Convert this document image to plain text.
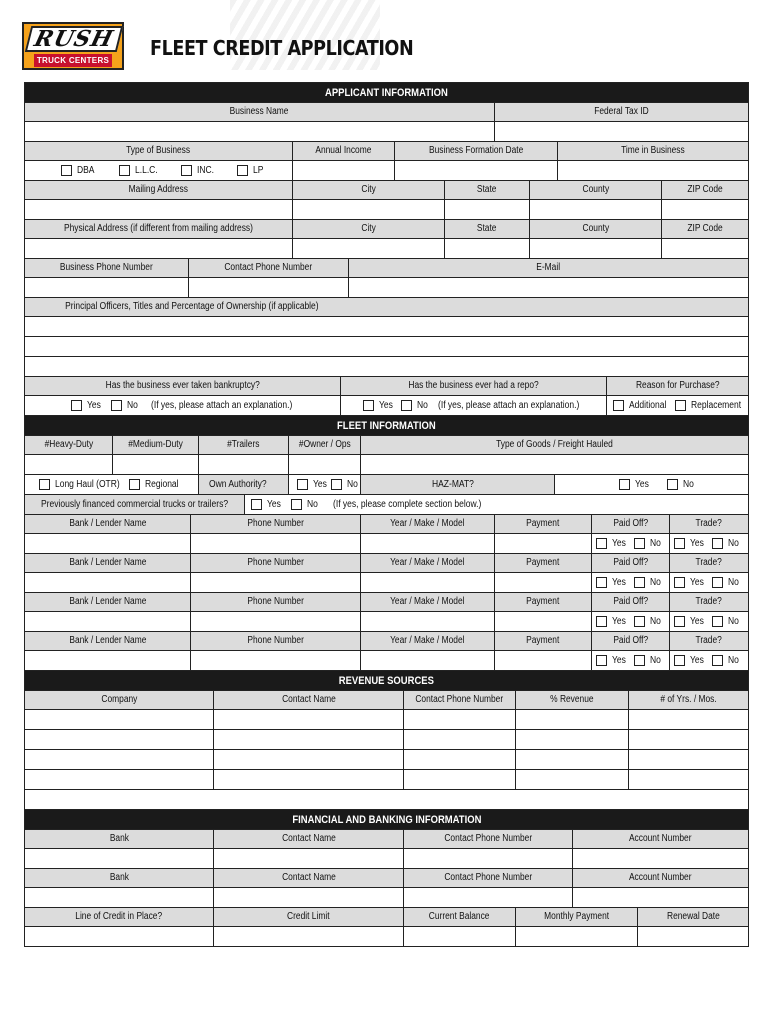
RUSH
TRUCK CENTERS
FLEET CREDIT APPLICATION
APPLICANT INFORMATION
Business Name	Federal Tax ID
Type of Business	Annual Income	Business Formation Date	Time in Business
DBA	L.L.C.	INC.	LP
Mailing Address	City	State	County	ZIP Code
Physical Address (if different from mailing address)	City	State	County	ZIP Code
Business Phone Number	Contact Phone Number	E-Mail
Principal Officers, Titles and Percentage of Ownership (if applicable)
Has the business ever taken bankruptcy?	Has the business ever had a repo?	Reason for Purchase?
Yes	No	(If yes, please attach an explanation.)	Yes	No (If yes, please attach an explanation.)	Additional Replacement
FLEET INFORMATION
#Heavy-Duty	#Medium-Duty	#Trailers	#Owner / Ops	Type of Goods / Freight Hauled
Long Haul (OTR)	Regional	Own Authority?	Yes No	HAZ-MAT?	Yes	No
Previously financed commercial trucks or trailers?	Yes	No	(If yes, please complete section below.)
Bank / Lender Name	Phone Number	Year / Make / Model	Payment	Paid Off?	Trade?
Yes	No	Yes	No
Bank / Lender Name	Phone Number	Year / Make / Model	Payment	Paid Off?	Trade?
Yes	No	Yes	No
Bank / Lender Name	Phone Number	Year / Make / Model	Payment	Paid Off?	Trade?
Yes	No	Yes	No
Bank / Lender Name	Phone Number	Year / Make / Model	Payment	Paid Off?	Trade?
Yes	No	Yes	No
REVENUE SOURCES
Company	Contact Name	Contact Phone Number	% Revenue	# of Yrs. / Mos.
FINANCIAL AND BANKING INFORMATION
Bank	Contact Name	Contact Phone Number	Account Number
Bank	Contact Name	Contact Phone Number	Account Number
Line of Credit in Place?	Credit Limit	Current Balance	Monthly Payment	Renewal Date
